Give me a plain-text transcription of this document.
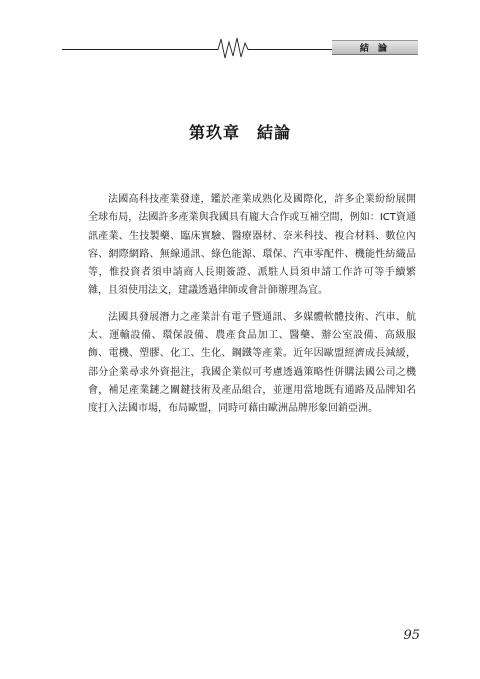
結 論
第玖章　結論

法國高科技產業發達，鑑於產業成熟化及國際化，許多企業紛紛展開全球布局，法國許多產業與我國具有龐大合作或互補空間，例如：ICT資通訊產業、生技製藥、臨床實驗、醫療器材、奈米科技、複合材料、數位內容、網際網路、無線通訊、綠色能源、環保、汽車零配件、機能性紡織品等，惟投資者須申請商人長期簽證、派駐人員須申請工作許可等手續繁雜，且須使用法文，建議透過律師或會計師辦理為宜。

法國具發展潛力之產業計有電子暨通訊、多媒體軟體技術、汽車、航太、運輸設備、環保設備、農產食品加工、醫藥、辦公室設備、高級服飾、電機、塑膠、化工、生化、鋼鐵等產業。近年因歐盟經濟成長減緩，部分企業尋求外資挹注，我國企業似可考慮透過策略性併購法國公司之機會，補足產業鏈之關鍵技術及產品組合，並運用當地既有通路及品牌知名度打入法國市場，布局歐盟，同時可藉由歐洲品牌形象回銷亞洲。

95
